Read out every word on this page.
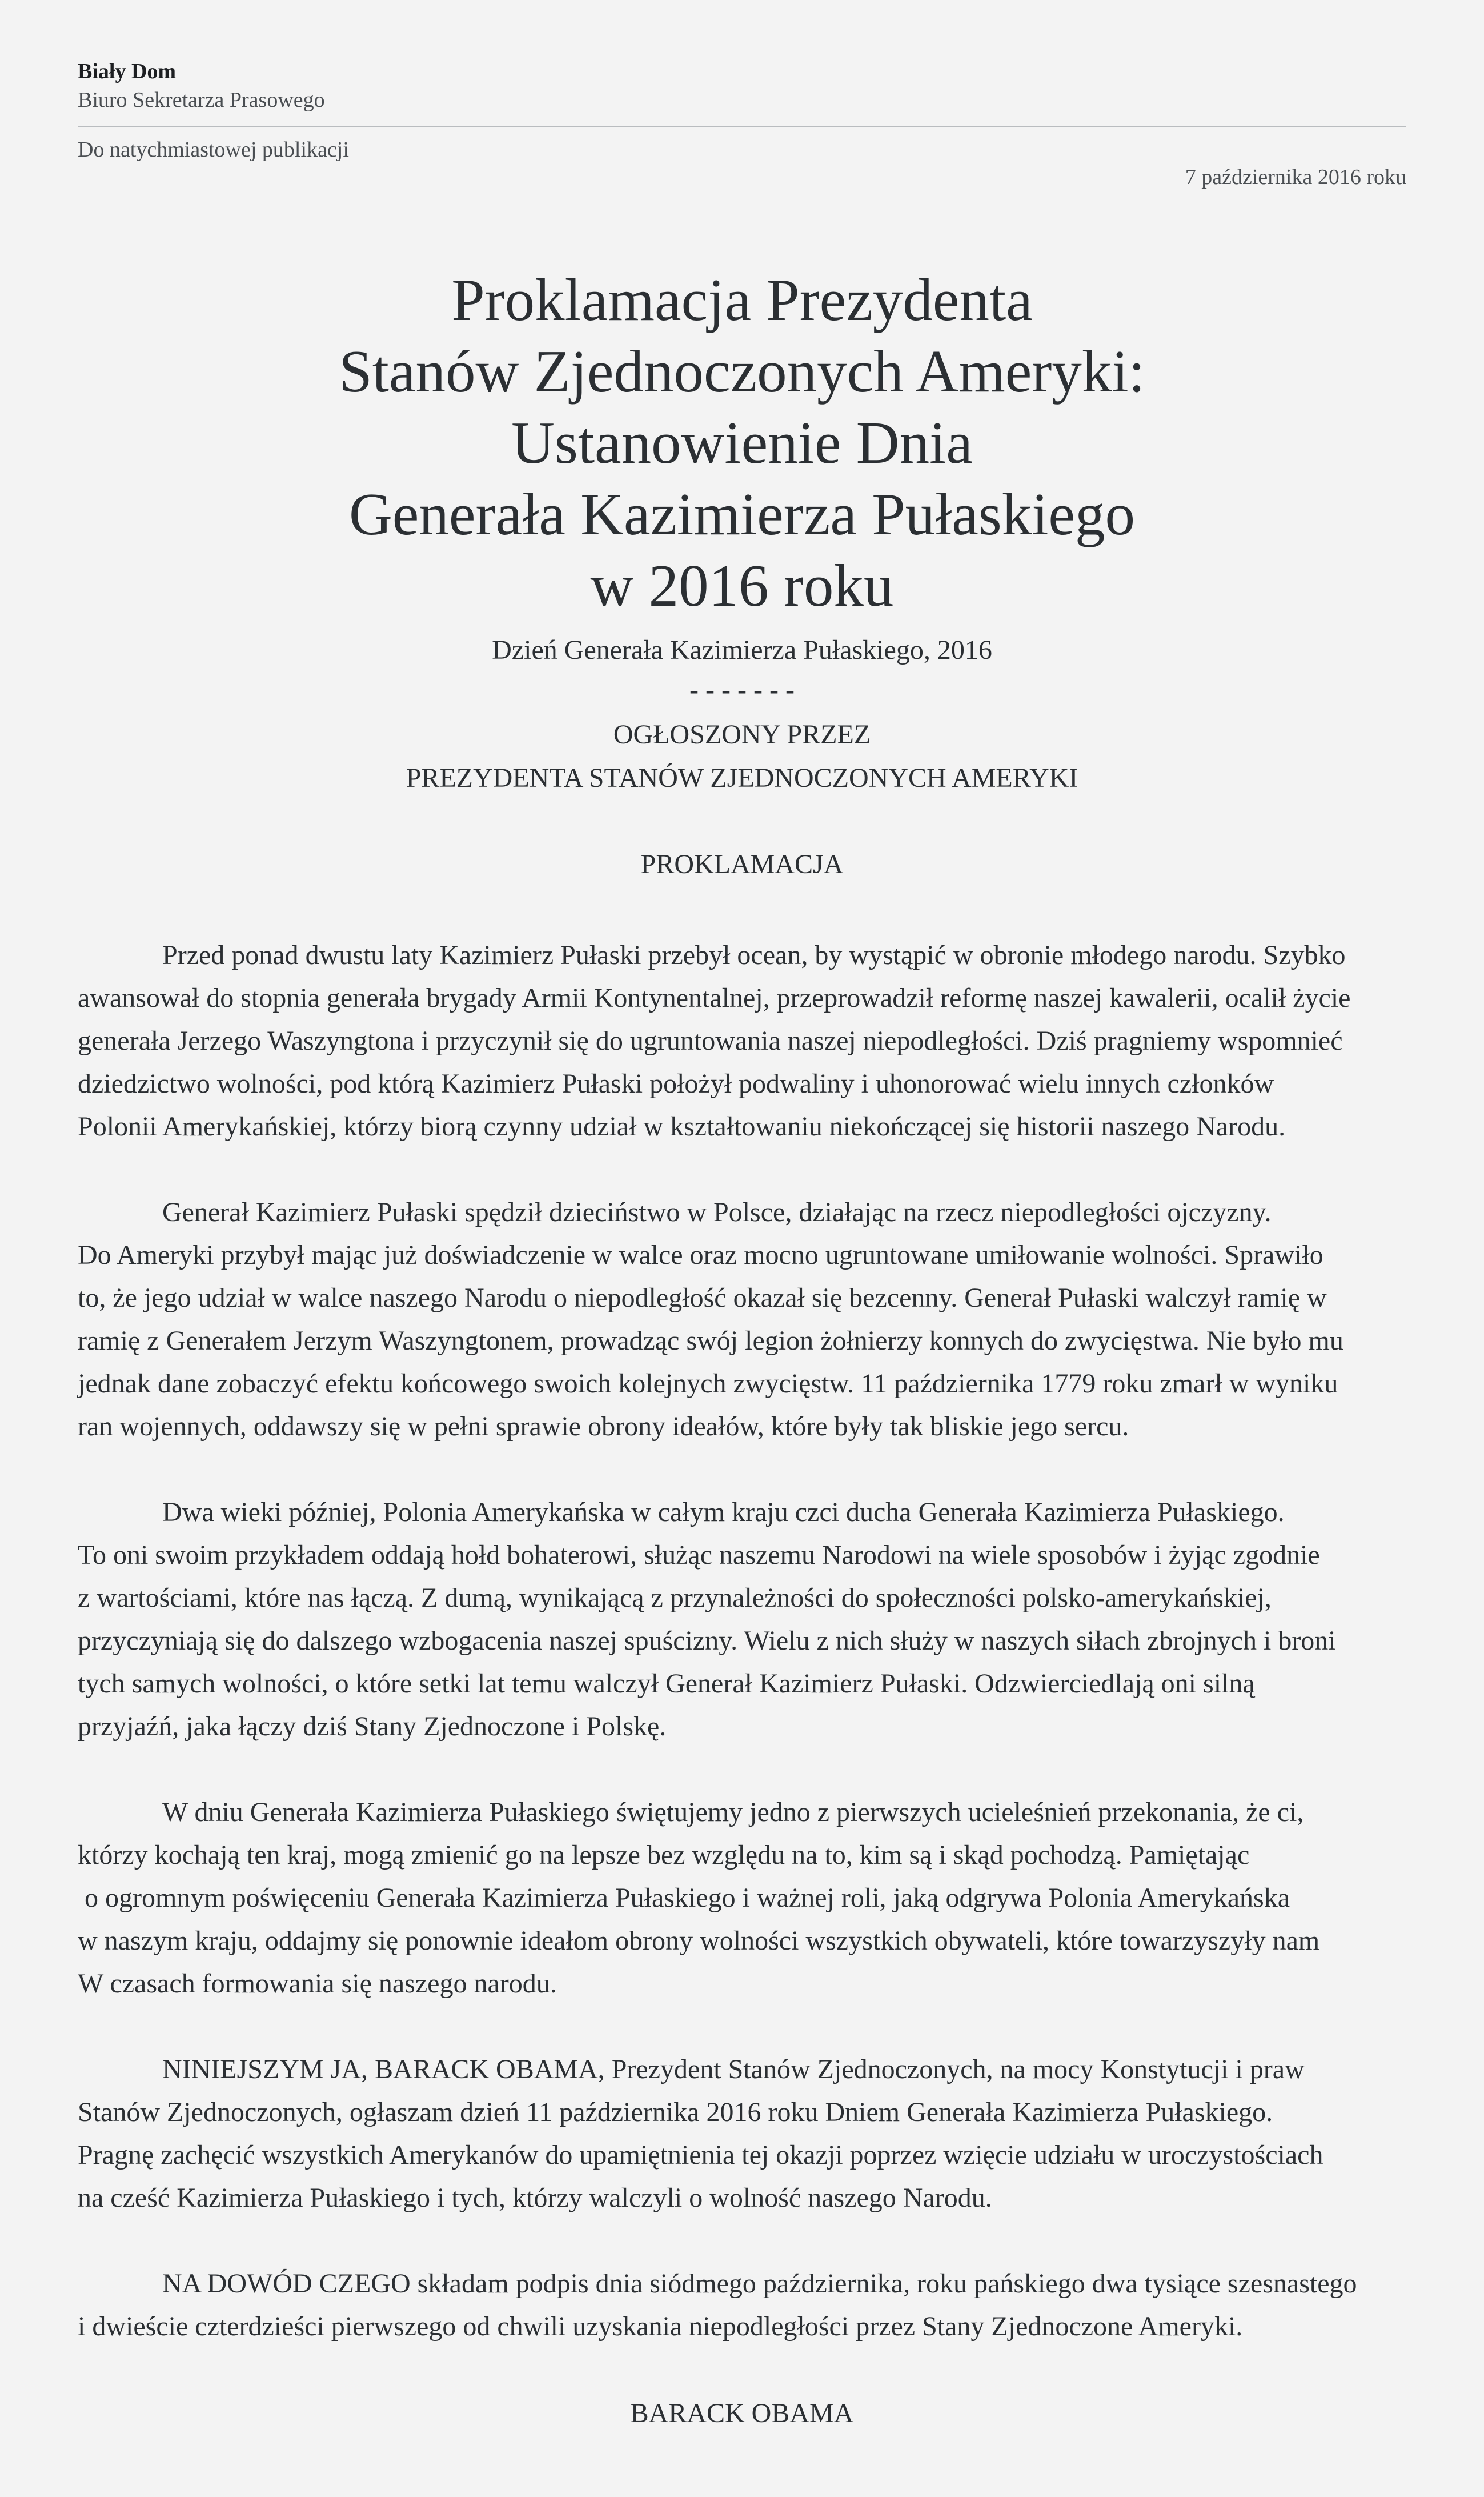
Biały Dom
Biuro Sekretarza Prasowego
Do natychmiastowej publikacji
7 października 2016 roku
Proklamacja Prezydenta
Stanów Zjednoczonych Ameryki:
Ustanowienie Dnia
Generała Kazimierza Pułaskiego
w 2016 roku
Dzień Generała Kazimierza Pułaskiego, 2016
- - - - - - -
OGŁOSZONY PRZEZ
PREZYDENTA STANÓW ZJEDNOCZONYCH AMERYKI
PROKLAMACJA
Przed ponad dwustu laty Kazimierz Pułaski przebył ocean, by wystąpić w obronie młodego narodu. Szybko
awansował do stopnia generała brygady Armii Kontynentalnej, przeprowadził reformę naszej kawalerii, ocalił życie
generała Jerzego Waszyngtona i przyczynił się do ugruntowania naszej niepodległości. Dziś pragniemy wspomnieć
dziedzictwo wolności, pod którą Kazimierz Pułaski położył podwaliny i uhonorować wielu innych członków
Polonii Amerykańskiej, którzy biorą czynny udział w kształtowaniu niekończącej się historii naszego Narodu.
Generał Kazimierz Pułaski spędził dzieciństwo w Polsce, działając na rzecz niepodległości ojczyzny.
Do Ameryki przybył mając już doświadczenie w walce oraz mocno ugruntowane umiłowanie wolności. Sprawiło
to, że jego udział w walce naszego Narodu o niepodległość okazał się bezcenny. Generał Pułaski walczył ramię w
ramię z Generałem Jerzym Waszyngtonem, prowadząc swój legion żołnierzy konnych do zwycięstwa. Nie było mu
jednak dane zobaczyć efektu końcowego swoich kolejnych zwycięstw. 11 października 1779 roku zmarł w wyniku
ran wojennych, oddawszy się w pełni sprawie obrony ideałów, które były tak bliskie jego sercu.
Dwa wieki później, Polonia Amerykańska w całym kraju czci ducha Generała Kazimierza Pułaskiego.
To oni swoim przykładem oddają hołd bohaterowi, służąc naszemu Narodowi na wiele sposobów i żyjąc zgodnie
z wartościami, które nas łączą. Z dumą, wynikającą z przynależności do społeczności polsko-amerykańskiej,
przyczyniają się do dalszego wzbogacenia naszej spuścizny. Wielu z nich służy w naszych siłach zbrojnych i broni
tych samych wolności, o które setki lat temu walczył Generał Kazimierz Pułaski. Odzwierciedlają oni silną
przyjaźń, jaka łączy dziś Stany Zjednoczone i Polskę.
W dniu Generała Kazimierza Pułaskiego świętujemy jedno z pierwszych ucieleśnień przekonania, że ci,
którzy kochają ten kraj, mogą zmienić go na lepsze bez względu na to, kim są i skąd pochodzą. Pamiętając
o ogromnym poświęceniu Generała Kazimierza Pułaskiego i ważnej roli, jaką odgrywa Polonia Amerykańska
w naszym kraju, oddajmy się ponownie ideałom obrony wolności wszystkich obywateli, które towarzyszyły nam
W czasach formowania się naszego narodu.
NINIEJSZYM JA, BARACK OBAMA, Prezydent Stanów Zjednoczonych, na mocy Konstytucji i praw
Stanów Zjednoczonych, ogłaszam dzień 11 października 2016 roku Dniem Generała Kazimierza Pułaskiego.
Pragnę zachęcić wszystkich Amerykanów do upamiętnienia tej okazji poprzez wzięcie udziału w uroczystościach
na cześć Kazimierza Pułaskiego i tych, którzy walczyli o wolność naszego Narodu.
NA DOWÓD CZEGO składam podpis dnia siódmego października, roku pańskiego dwa tysiące szesnastego
i dwieście czterdzieści pierwszego od chwili uzyskania niepodległości przez Stany Zjednoczone Ameryki.
BARACK OBAMA
